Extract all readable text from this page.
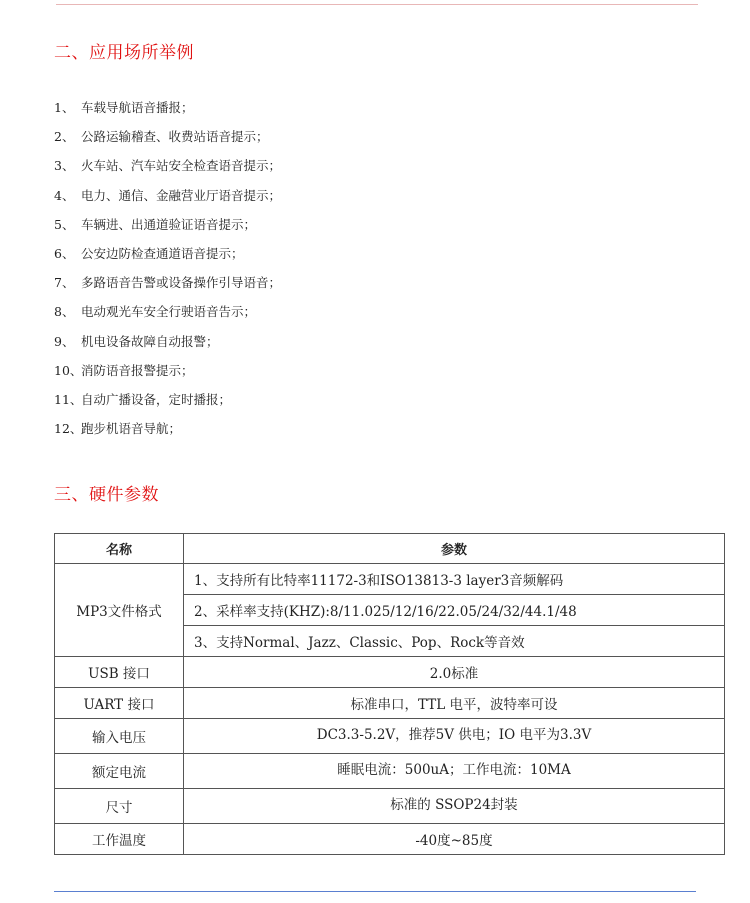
二、应用场所举例
1、 车载导航语音播报；
2、 公路运输稽查、收费站语音提示；
3、 火车站、汽车站安全检查语音提示；
4、 电力、通信、金融营业厅语音提示；
5、 车辆进、出通道验证语音提示；
6、 公安边防检查通道语音提示；
7、 多路语音告警或设备操作引导语音；
8、 电动观光车安全行驶语音告示；
9、 机电设备故障自动报警；
10、消防语音报警提示；
11、自动广播设备，定时播报；
12、跑步机语音导航；
三、硬件参数
名称	参数
MP3文件格式	1、支持所有比特率11172-3和ISO13813-3 layer3音频解码
	2、采样率支持(KHZ):8/11.025/12/16/22.05/24/32/44.1/48
	3、支持Normal、Jazz、Classic、Pop、Rock等音效
USB 接口	2.0标准
UART 接口	标准串口，TTL 电平，波特率可设
输入电压	DC3.3-5.2V，推荐5V 供电；IO 电平为3.3V
额定电流	睡眠电流：500uA；工作电流：10MA
尺寸	标准的 SSOP24封装
工作温度	-40度~85度
